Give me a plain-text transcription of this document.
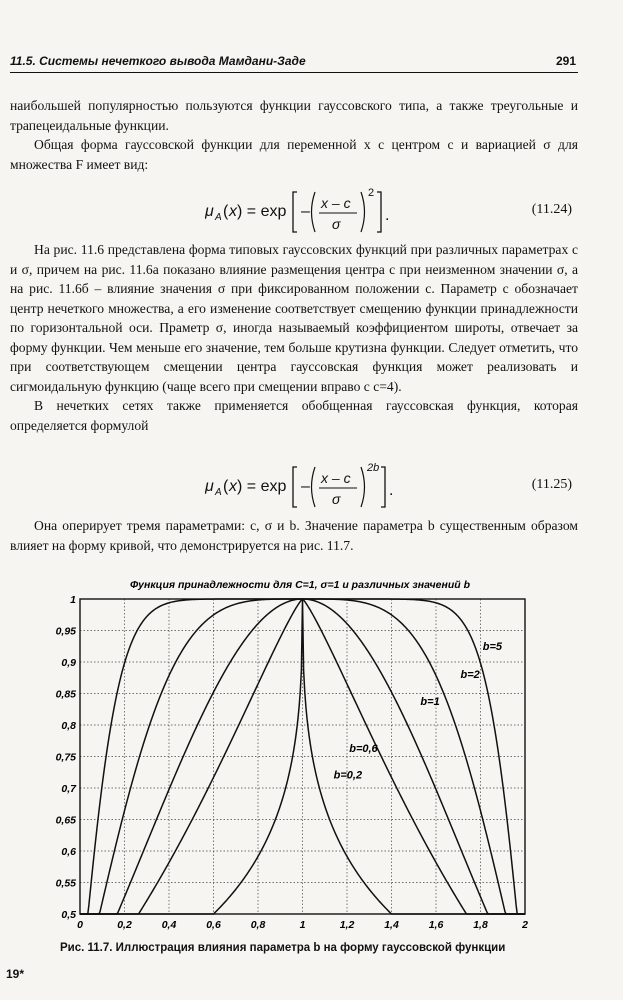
11.5. Системы нечеткого вывода Мамдани-Заде	291

наибольшей популярностью пользуются функции гауссовского типа, а также треугольные и трапецеидальные функции.

Общая форма гауссовской функции для переменной x с центром c и вариацией σ для множества F имеет вид:

μ A ( x ) = exp – x – c
σ
2
.	(11.24)

На рис. 11.6 представлена форма типовых гауссовских функций при различных параметрах c и σ, причем на рис. 11.6a показано влияние размещения центра c при неизменном значении σ, а на рис. 11.6б – влияние значения σ при фиксированном положении c. Параметр c обозначает центр нечеткого множества, а его изменение соответствует смещению функции принадлежности по горизонтальной оси. Праметр σ, иногда называемый коэффициентом широты, отвечает за форму функции. Чем меньше его значение, тем больше крутизна функции. Следует отметить, что при соответствующем смещении центра гауссовская функция может реализовать и сигмоидальную функцию (чаще всего при смещении вправо с c=4).

В нечетких сетях также применяется обобщенная гауссовская функция, которая определяется формулой

μ A ( x ) = exp – x – c
σ
2b
.	(11.25)

Она оперирует тремя параметрами: c, σ и b. Значение параметра b существенным образом влияет на форму кривой, что демонстрируется на рис. 11.7.

Функция принадлежности для C=1, σ=1 и различных значений b
0	0,2	0,4	0,6	0,8	1	1,2	1,4	1,6	1,8	2
0,5
0,55
0,6
0,65
0,7
0,75
0,8
0,85
0,9
0,95
1
b=5
b=2
b=1
b=0,6
b=0,2
Рис. 11.7. Иллюстрация влияния параметра b на форму гауссовской функции
19*
